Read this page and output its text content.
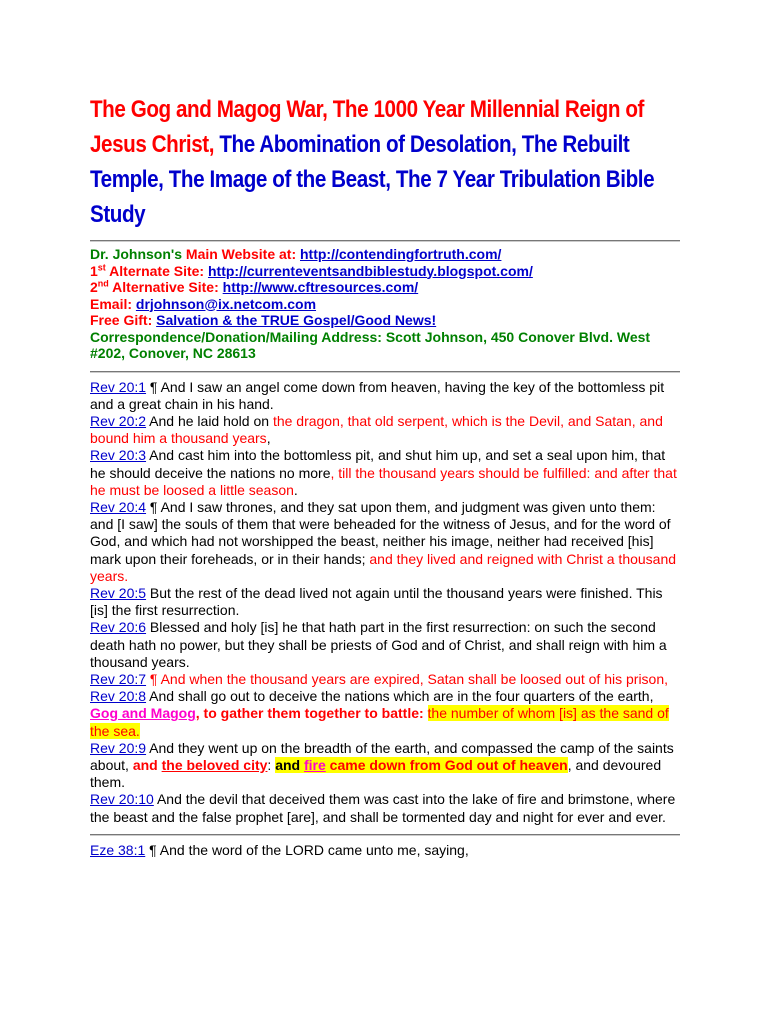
The Gog and Magog War, The 1000 Year Millennial Reign of Jesus Christ, The Abomination of Desolation, The Rebuilt Temple, The Image of the Beast, The 7 Year Tribulation Bible Study

Dr. Johnson's Main Website at: http://contendingfortruth.com/

1st Alternate Site: http://currenteventsandbiblestudy.blogspot.com/

2nd Alternative Site: http://www.cftresources.com/

Email: drjohnson@ix.netcom.com

Free Gift: Salvation & the TRUE Gospel/Good News!

Correspondence/Donation/Mailing Address: Scott Johnson, 450 Conover Blvd. West #202, Conover, NC 28613

Rev 20:1 ¶ And I saw an angel come down from heaven, having the key of the bottomless pit and a great chain in his hand.

Rev 20:2 And he laid hold on the dragon, that old serpent, which is the Devil, and Satan, and bound him a thousand years,

Rev 20:3 And cast him into the bottomless pit, and shut him up, and set a seal upon him, that he should deceive the nations no more, till the thousand years should be fulfilled: and after that he must be loosed a little season.

Rev 20:4 ¶ And I saw thrones, and they sat upon them, and judgment was given unto them: and [I saw] the souls of them that were beheaded for the witness of Jesus, and for the word of God, and which had not worshipped the beast, neither his image, neither had received [his] mark upon their foreheads, or in their hands; and they lived and reigned with Christ a thousand years.

Rev 20:5 But the rest of the dead lived not again until the thousand years were finished. This [is] the first resurrection.

Rev 20:6 Blessed and holy [is] he that hath part in the first resurrection: on such the second death hath no power, but they shall be priests of God and of Christ, and shall reign with him a thousand years.

Rev 20:7 ¶ And when the thousand years are expired, Satan shall be loosed out of his prison,

Rev 20:8 And shall go out to deceive the nations which are in the four quarters of the earth, Gog and Magog, to gather them together to battle: the number of whom [is] as the sand of the sea.

Rev 20:9 And they went up on the breadth of the earth, and compassed the camp of the saints about, and the beloved city: and fire came down from God out of heaven, and devoured them.

Rev 20:10 And the devil that deceived them was cast into the lake of fire and brimstone, where the beast and the false prophet [are], and shall be tormented day and night for ever and ever.

Eze 38:1 ¶ And the word of the LORD came unto me, saying,
